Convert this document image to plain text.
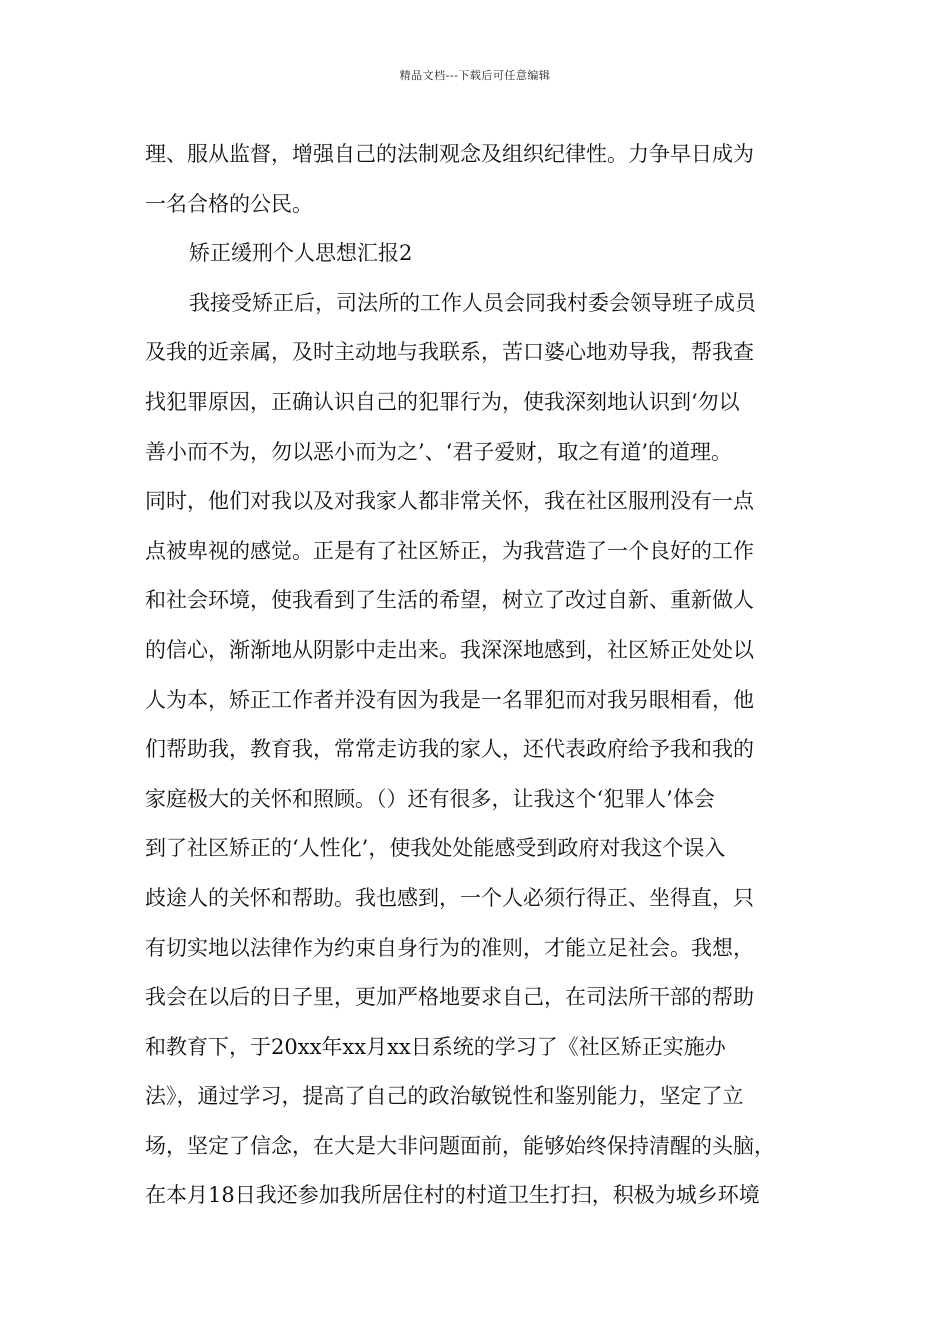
精品文档---下载后可任意编辑
理、服从监督，增强自己的法制观念及组织纪律性。力争早日成为
一名合格的公民。
矫正缓刑个人思想汇报2
我接受矫正后，司法所的工作人员会同我村委会领导班子成员
及我的近亲属，及时主动地与我联系，苦口婆心地劝导我，帮我查
找犯罪原因，正确认识自己的犯罪行为，使我深刻地认识到‘勿以
善小而不为，勿以恶小而为之’、‘君子爱财，取之有道’的道理。
同时，他们对我以及对我家人都非常关怀，我在社区服刑没有一点
点被卑视的感觉。正是有了社区矫正，为我营造了一个良好的工作
和社会环境，使我看到了生活的希望，树立了改过自新、重新做人
的信心，渐渐地从阴影中走出来。我深深地感到，社区矫正处处以
人为本，矫正工作者并没有因为我是一名罪犯而对我另眼相看，他
们帮助我，教育我，常常走访我的家人，还代表政府给予我和我的
家庭极大的关怀和照顾。（）还有很多，让我这个‘犯罪人’体会
到了社区矫正的‘人性化’，使我处处能感受到政府对我这个误入
歧途人的关怀和帮助。我也感到，一个人必须行得正、坐得直，只
有切实地以法律作为约束自身行为的准则，才能立足社会。我想，
我会在以后的日子里，更加严格地要求自己，在司法所干部的帮助
和教育下，于20xx年xx月xx日系统的学习了《社区矫正实施办
法》，通过学习，提高了自己的政治敏锐性和鉴别能力，坚定了立
场，坚定了信念，在大是大非问题面前，能够始终保持清醒的头脑，
在本月18日我还参加我所居住村的村道卫生打扫，积极为城乡环境
